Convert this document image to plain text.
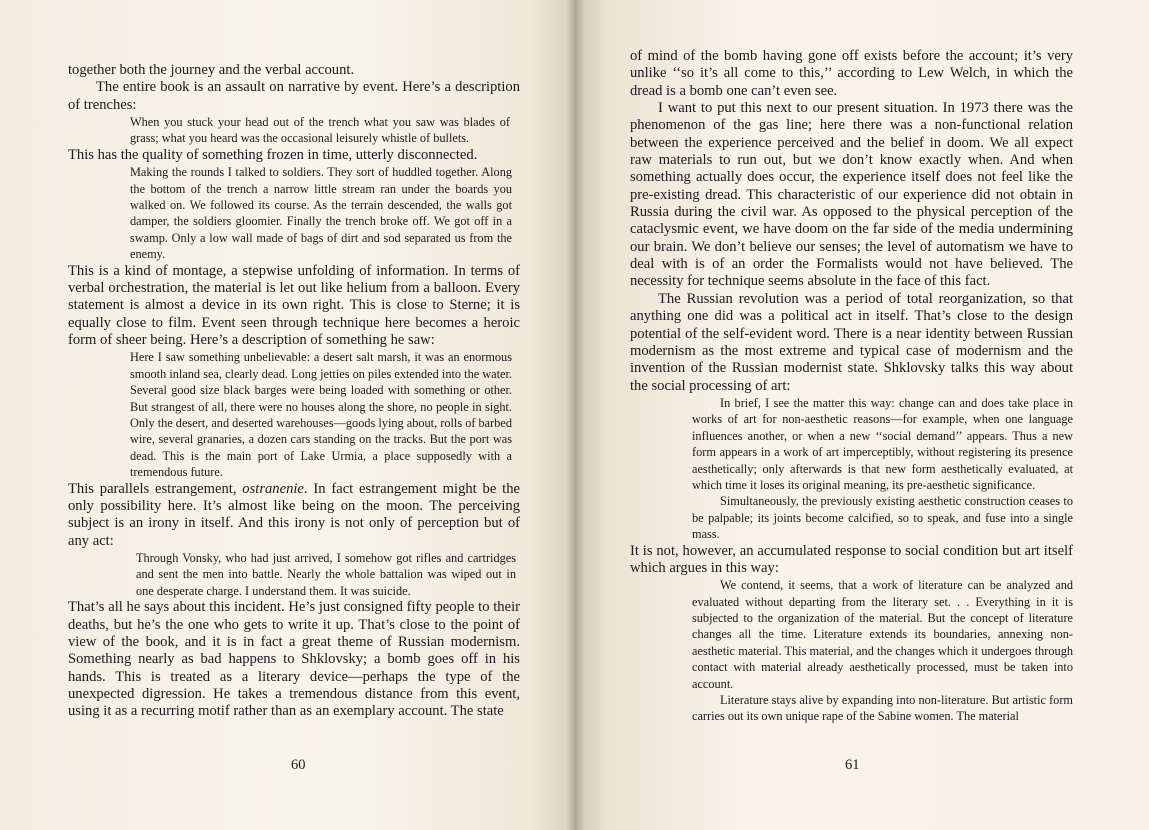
together both the journey and the verbal account.

The entire book is an assault on narrative by event. Here’s a description of trenches:

When you stuck your head out of the trench what you saw was blades of grass; what you heard was the occasional leisurely whistle of bullets.

This has the quality of something frozen in time, utterly disconnected.

Making the rounds I talked to soldiers. They sort of huddled together. Along the bottom of the trench a narrow little stream ran under the boards you walked on. We followed its course. As the terrain descended, the walls got damper, the soldiers gloomier. Finally the trench broke off. We got off in a swamp. Only a low wall made of bags of dirt and sod separated us from the enemy.

This is a kind of montage, a stepwise unfolding of information. In terms of verbal orchestration, the material is let out like helium from a balloon. Every statement is almost a device in its own right. This is close to Sterne; it is equally close to film. Event seen through technique here becomes a heroic form of sheer being. Here’s a description of something he saw:

Here I saw something unbelievable: a desert salt marsh, it was an enormous smooth inland sea, clearly dead. Long jetties on piles extended into the water. Several good size black barges were being loaded with something or other. But strangest of all, there were no houses along the shore, no people in sight. Only the desert, and deserted warehouses—goods lying about, rolls of barbed wire, several granaries, a dozen cars standing on the tracks. But the port was dead. This is the main port of Lake Urmia, a place supposedly with a tremendous future.

This parallels estrangement, ostranenie. In fact estrangement might be the only possibility here. It’s almost like being on the moon. The perceiving subject is an irony in itself. And this irony is not only of perception but of any act:

Through Vonsky, who had just arrived, I somehow got rifles and cartridges and sent the men into battle. Nearly the whole battalion was wiped out in one desperate charge. I understand them. It was suicide.

That’s all he says about this incident. He’s just consigned fifty people to their deaths, but he’s the one who gets to write it up. That’s close to the point of view of the book, and it is in fact a great theme of Russian modernism. Something nearly as bad happens to Shklovsky; a bomb goes off in his hands. This is treated as a literary device—perhaps the type of the unexpected digression. He takes a tremendous distance from this event, using it as a recurring motif rather than as an exemplary account. The state

60

of mind of the bomb having gone off exists before the account; it’s very unlike ‘‘so it’s all come to this,’’ according to Lew Welch, in which the dread is a bomb one can’t even see.

I want to put this next to our present situation. In 1973 there was the phenomenon of the gas line; here there was a non-functional relation between the experience perceived and the belief in doom. We all expect raw materials to run out, but we don’t know exactly when. And when something actually does occur, the experience itself does not feel like the pre-existing dread. This characteristic of our experience did not obtain in Russia during the civil war. As opposed to the physical perception of the cataclysmic event, we have doom on the far side of the media undermining our brain. We don’t believe our senses; the level of automatism we have to deal with is of an order the Formalists would not have believed. The necessity for technique seems absolute in the face of this fact.

The Russian revolution was a period of total reorganization, so that anything one did was a political act in itself. That’s close to the design potential of the self-evident word. There is a near identity between Russian modernism as the most extreme and typical case of modernism and the invention of the Russian modernist state. Shklovsky talks this way about the social processing of art:

In brief, I see the matter this way: change can and does take place in works of art for non-aesthetic reasons—for example, when one language influences another, or when a new ‘‘social demand’’ appears. Thus a new form appears in a work of art imperceptibly, without registering its presence aesthetically; only afterwards is that new form aesthetically evaluated, at which time it loses its original meaning, its pre-aesthetic significance.

Simultaneously, the previously existing aesthetic construction ceases to be palpable; its joints become calcified, so to speak, and fuse into a single mass.

It is not, however, an accumulated response to social condition but art itself which argues in this way:

We contend, it seems, that a work of literature can be analyzed and evaluated without departing from the literary set. . . Everything in it is subjected to the organization of the material. But the concept of literature changes all the time. Literature extends its boundaries, annexing non-aesthetic material. This material, and the changes which it undergoes through contact with material already aesthetically processed, must be taken into account.

Literature stays alive by expanding into non-literature. But artistic form carries out its own unique rape of the Sabine women. The material

61
